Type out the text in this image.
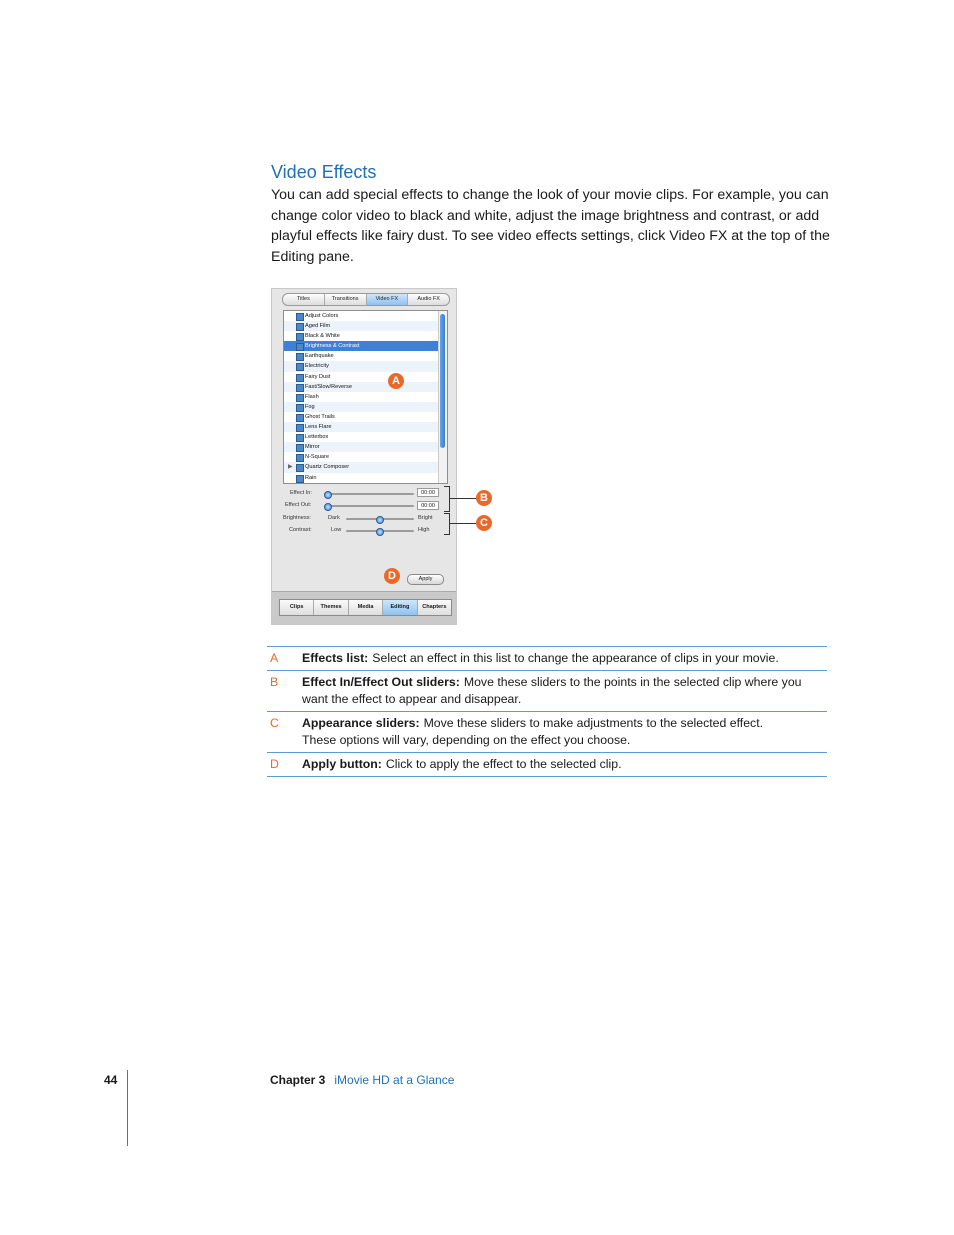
Video Effects

You can add special effects to change the look of your movie clips. For example, you can change color video to black and white, adjust the image brightness and contrast, or add playful effects like fairy dust. To see video effects settings, click Video FX at the top of the Editing pane.

Titles	Transitions	Video FX	Audio FX
Adjust Colors
Aged Film
Black & White
Brightness & Contrast
Earthquake
Electricity
Fairy Dust
Fast/Slow/Reverse
Flash
Fog
Ghost Trails
Lens Flare
Letterbox
Mirror
N-Square
▶ Quartz Composer
Rain
Effect In:	00:00
Effect Out:	00:00
Brightness:	Dark	Bright
Contrast:	Low	High
Apply
Clips	Themes	Media	Editing	Chapters
A
B
C
D
A	Effects list: Select an effect in this list to change the appearance of clips in your movie.
B	Effect In/Effect Out sliders: Move these sliders to the points in the selected clip where you want the effect to appear and disappear.
C	Appearance sliders: Move these sliders to make adjustments to the selected effect.
These options will vary, depending on the effect you choose.
D	Apply button: Click to apply the effect to the selected clip.
44	Chapter 3 iMovie HD at a Glance
